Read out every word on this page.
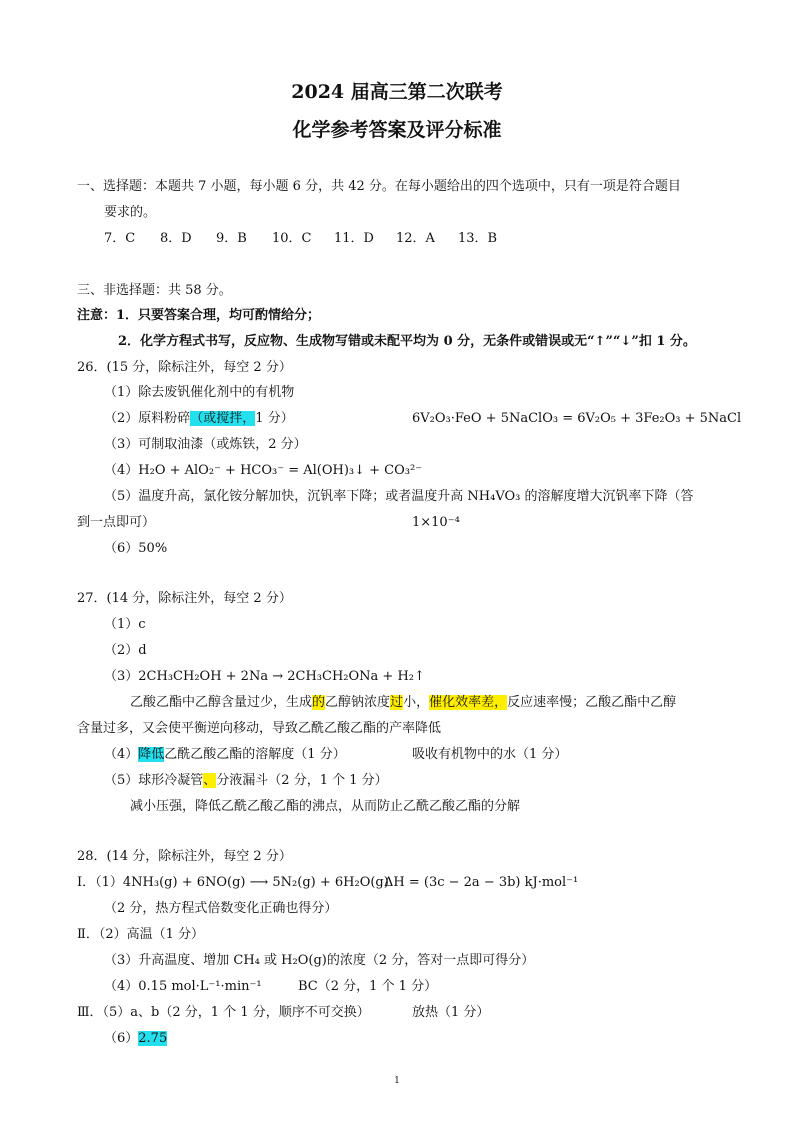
2024 届高三第二次联考
化学参考答案及评分标准
一、选择题：本题共 7 小题，每小题 6 分，共 42 分。在每小题给出的四个选项中，只有一项是符合题目
要求的。
7．C 8．D 9．B 10．C 11．D 12．A 13．B
三、非选择题：共 58 分。
注意：1．只要答案合理，均可酌情给分；
2．化学方程式书写，反应物、生成物写错或未配平均为 0 分，无条件或错误或无“↑”“↓”扣 1 分。
26．(15 分，除标注外，每空 2 分）
（1）除去废钒催化剂中的有机物
（2）原料粉碎（或搅拌，1 分）	6V₂O₃·FeO + 5NaClO₃ = 6V₂O₅ + 3Fe₂O₃ + 5NaCl
（3）可制取油漆（或炼铁，2 分）
（4）H₂O + AlO₂⁻ + HCO₃⁻ = Al(OH)₃↓ + CO₃²⁻
（5）温度升高，氯化铵分解加快，沉钒率下降；或者温度升高 NH₄VO₃ 的溶解度增大沉钒率下降（答
到一点即可）	1×10⁻⁴
（6）50%
27．(14 分，除标注外，每空 2 分）
（1）c
（2）d
（3）2CH₃CH₂OH + 2Na → 2CH₃CH₂ONa + H₂↑
乙酸乙酯中乙醇含量过少，生成的乙醇钠浓度过小，催化效率差，反应速率慢；乙酸乙酯中乙醇
含量过多，又会使平衡逆向移动，导致乙酰乙酸乙酯的产率降低
（4）降低乙酰乙酸乙酯的溶解度（1 分）	吸收有机物中的水（1 分）
（5）球形冷凝管、分液漏斗（2 分，1 个 1 分）
减小压强，降低乙酰乙酸乙酯的沸点，从而防止乙酰乙酸乙酯的分解
28．(14 分，除标注外，每空 2 分）
Ⅰ．（1）4NH₃(g) + 6NO(g) ⟶ 5N₂(g) + 6H₂O(g)
ΔH = (3c − 2a − 3b) kJ·mol⁻¹
（2 分，热方程式倍数变化正确也得分）
Ⅱ．（2）高温（1 分）
（3）升高温度、增加 CH₄ 或 H₂O(g)的浓度（2 分，答对一点即可得分）
（4）0.15 mol·L⁻¹·min⁻¹	BC（2 分，1 个 1 分）
Ⅲ．（5）a、b（2 分，1 个 1 分，顺序不可交换）	放热（1 分）
（6）2.75
1
